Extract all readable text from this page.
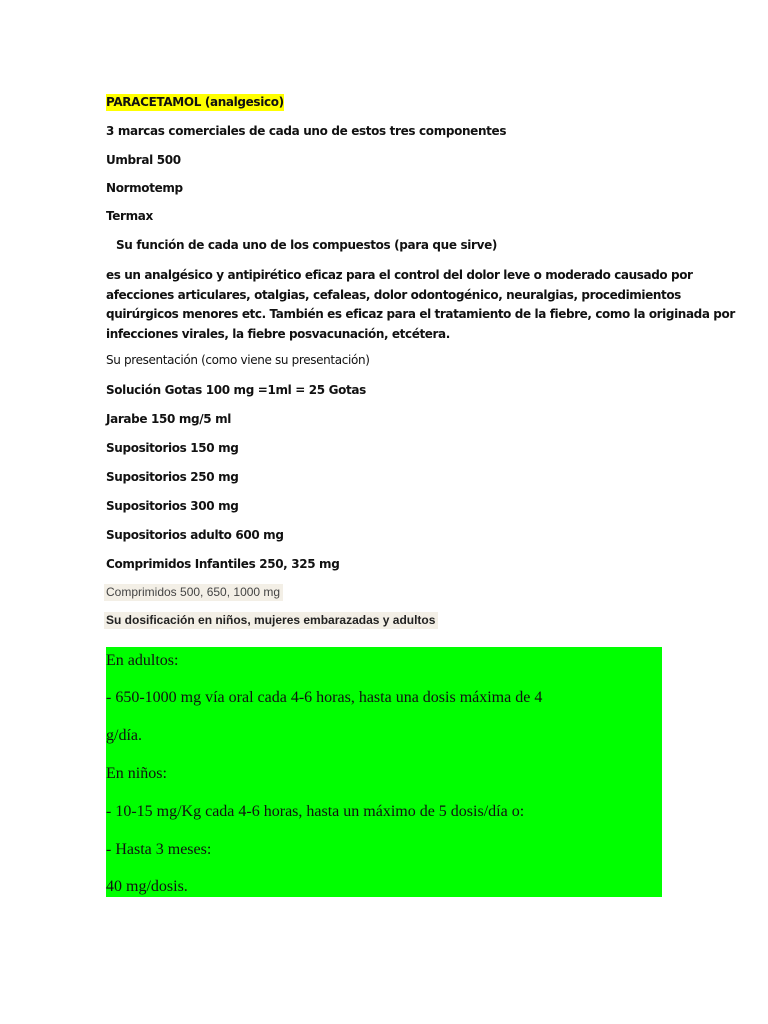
PARACETAMOL (analgesico)
3 marcas comerciales de cada uno de estos tres componentes
Umbral 500
Normotemp
Termax
Su función de cada uno de los compuestos (para que sirve)
es un analgésico y antipirético eficaz para el control del dolor leve o moderado causado por
afecciones articulares, otalgias, cefaleas, dolor odontogénico, neuralgias, procedimientos
quirúrgicos menores etc. También es eficaz para el tratamiento de la fiebre, como la originada por
infecciones virales, la fiebre posvacunación, etcétera.
Su presentación (como viene su presentación)
Solución Gotas 100 mg =1ml = 25 Gotas
Jarabe 150 mg/5 ml
Supositorios 150 mg
Supositorios 250 mg
Supositorios 300 mg
Supositorios adulto 600 mg
Comprimidos Infantiles 250, 325 mg
Comprimidos 500, 650, 1000 mg
Su dosificación en niños, mujeres embarazadas y adultos
En adultos:
- 650-1000 mg vía oral cada 4-6 horas, hasta una dosis máxima de 4
g/día.
En niños:
- 10-15 mg/Kg cada 4-6 horas, hasta un máximo de 5 dosis/día o:
- Hasta 3 meses:
40 mg/dosis.
